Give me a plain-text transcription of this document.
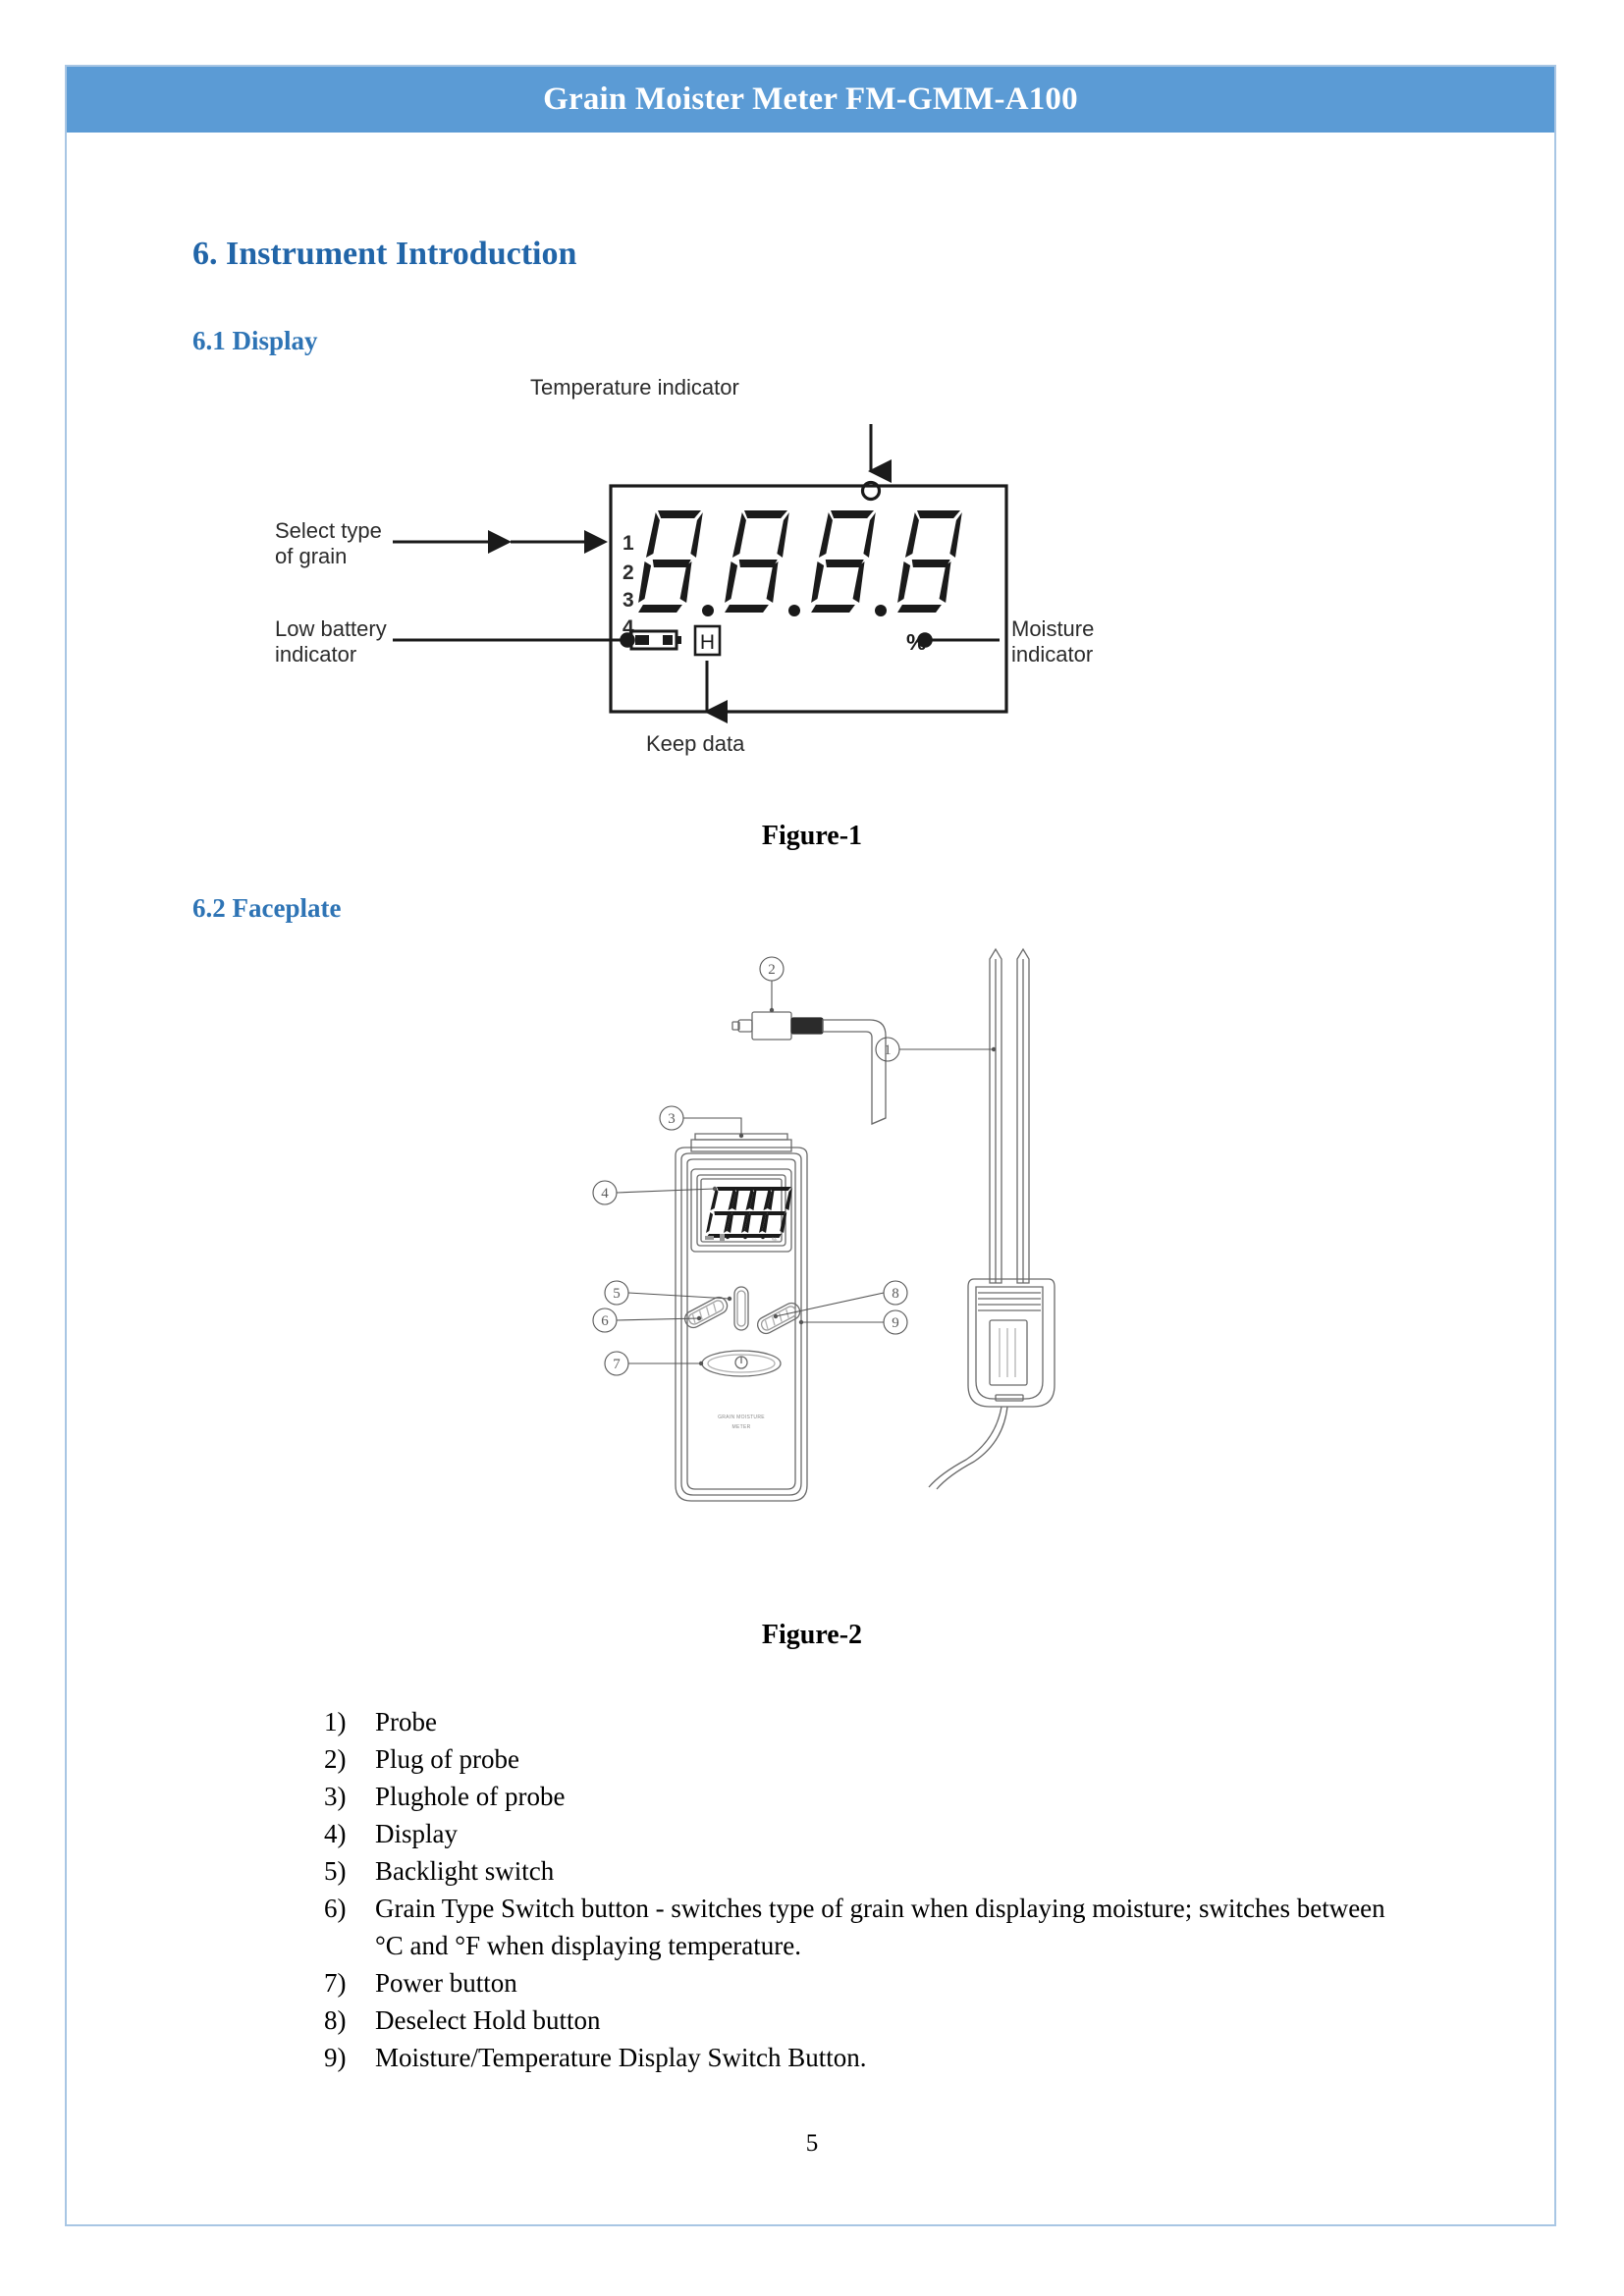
Grain Moister Meter FM-GMM-A100
6. Instrument Introduction
6.1 Display
6.2 Faceplate
1
2
3
4
H	%
Temperature indicator
Select type
of grain
Low battery
indicator
Keep data
Moisture
indicator
Figure-1
%
GRAIN MOISTURE
METER
1
2
3
4
5
6
7
8
9
Figure-2
1)	Probe
2)	Plug of probe
3)	Plughole of probe
4)	Display
5)	Backlight switch
6)	Grain Type Switch button - switches type of grain when displaying moisture; switches between °C and °F when displaying temperature.
7)	Power button
8)	Deselect Hold button
9)	Moisture/Temperature Display Switch Button.
5
